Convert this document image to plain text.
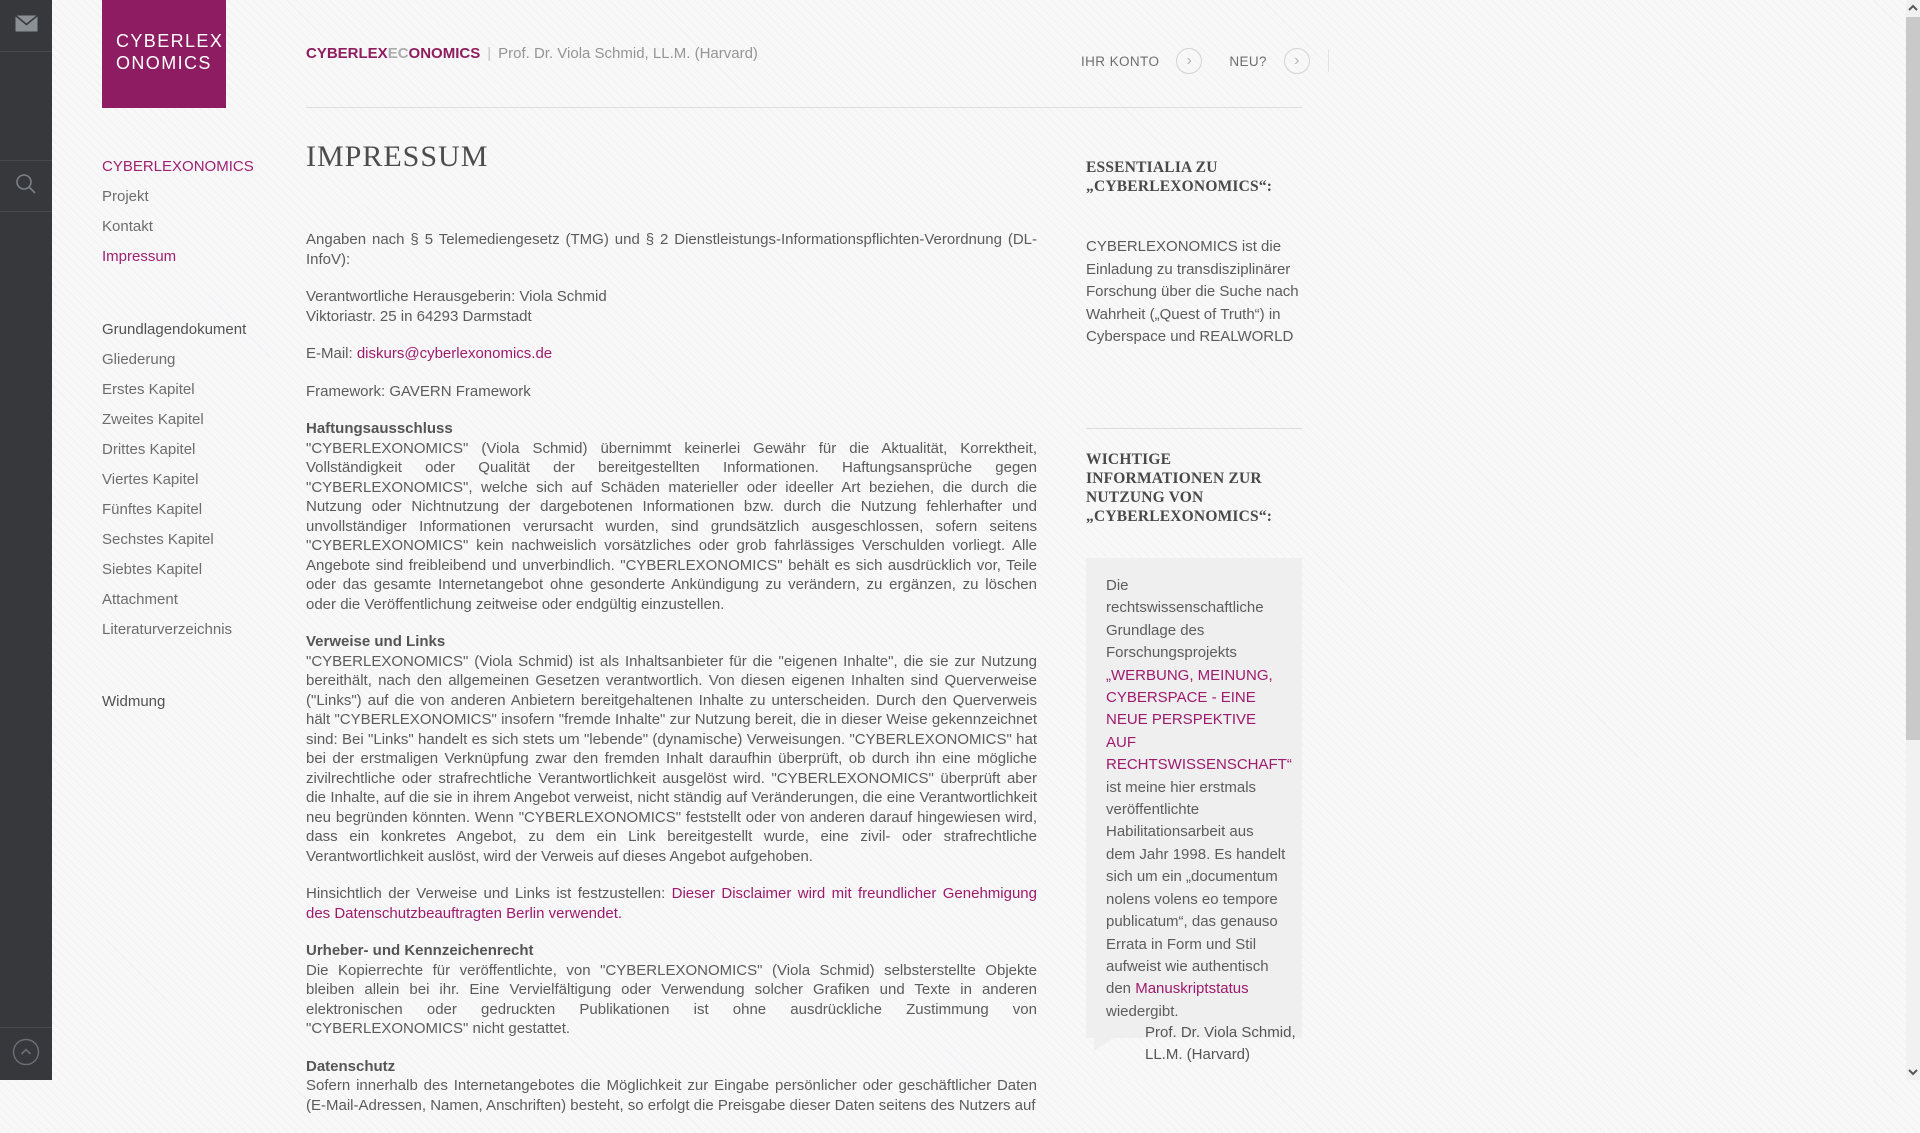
CYBERLEX
ONOMICS	CYBERLEXECONOMICS | Prof. Dr. Viola Schmid, LL.M. (Harvard)	IHR KONTO ›	NEU? ›
CYBERLEXONOMICS
Projekt
Kontakt
Impressum
Grundlagendokument
Gliederung
Erstes Kapitel
Zweites Kapitel
Drittes Kapitel
Viertes Kapitel
Fünftes Kapitel
Sechstes Kapitel
Siebtes Kapitel
Attachment
Literaturverzeichnis
Widmung
IMPRESSUM

Angaben nach § 5 Telemediengesetz (TMG) und § 2 Dienstleistungs-Informationspflichten-Verordnung (DL-InfoV):

Verantwortliche Herausgeberin: Viola Schmid
Viktoriastr. 25 in 64293 Darmstadt

E-Mail: diskurs@cyberlexonomics.de

Framework: GAVERN Framework

Haftungsausschluss

"CYBERLEXONOMICS" (Viola Schmid) übernimmt keinerlei Gewähr für die Aktualität, Korrektheit, Vollständigkeit oder Qualität der bereitgestellten Informationen. Haftungsansprüche gegen "CYBERLEXONOMICS", welche sich auf Schäden materieller oder ideeller Art beziehen, die durch die Nutzung oder Nichtnutzung der dargebotenen Informationen bzw. durch die Nutzung fehlerhafter und unvollständiger Informationen verursacht wurden, sind grundsätzlich ausgeschlossen, sofern seitens "CYBERLEXONOMICS" kein nachweislich vorsätzliches oder grob fahrlässiges Verschulden vorliegt. Alle Angebote sind freibleibend und unverbindlich. "CYBERLEXONOMICS" behält es sich ausdrücklich vor, Teile oder das gesamte Internetangebot ohne gesonderte Ankündigung zu verändern, zu ergänzen, zu löschen oder die Veröffentlichung zeitweise oder endgültig einzustellen.

Verweise und Links

"CYBERLEXONOMICS" (Viola Schmid) ist als Inhaltsanbieter für die "eigenen Inhalte", die sie zur Nutzung bereithält, nach den allgemeinen Gesetzen verantwortlich. Von diesen eigenen Inhalten sind Querverweise ("Links") auf die von anderen Anbietern bereitgehaltenen Inhalte zu unterscheiden. Durch den Querverweis hält "CYBERLEXONOMICS" insofern "fremde Inhalte" zur Nutzung bereit, die in dieser Weise gekennzeichnet sind: Bei "Links" handelt es sich stets um "lebende" (dynamische) Verweisungen. "CYBERLEXONOMICS" hat bei der erstmaligen Verknüpfung zwar den fremden Inhalt daraufhin überprüft, ob durch ihn eine mögliche zivilrechtliche oder strafrechtliche Verantwortlichkeit ausgelöst wird. "CYBERLEXONOMICS" überprüft aber die Inhalte, auf die sie in ihrem Angebot verweist, nicht ständig auf Veränderungen, die eine Verantwortlichkeit neu begründen könnten. Wenn "CYBERLEXONOMICS" feststellt oder von anderen darauf hingewiesen wird, dass ein konkretes Angebot, zu dem ein Link bereitgestellt wurde, eine zivil- oder strafrechtliche Verantwortlichkeit auslöst, wird der Verweis auf dieses Angebot aufgehoben.

Hinsichtlich der Verweise und Links ist festzustellen: Dieser Disclaimer wird mit freundlicher Genehmigung des Datenschutzbeauftragten Berlin verwendet.

Urheber- und Kennzeichenrecht

Die Kopierrechte für veröffentlichte, von "CYBERLEXONOMICS" (Viola Schmid) selbsterstellte Objekte bleiben allein bei ihr. Eine Vervielfältigung oder Verwendung solcher Grafiken und Texte in anderen elektronischen oder gedruckten Publikationen ist ohne ausdrückliche Zustimmung von "CYBERLEXONOMICS" nicht gestattet.

Datenschutz

Sofern innerhalb des Internetangebotes die Möglichkeit zur Eingabe persönlicher oder geschäftlicher Daten (E-Mail-Adressen, Namen, Anschriften) besteht, so erfolgt die Preisgabe dieser Daten seitens des Nutzers auf

ESSENTIALIA ZU „CYBERLEXONOMICS“:
CYBERLEXONOMICS ist die Einladung zu transdisziplinärer Forschung über die Suche nach Wahrheit („Quest of Truth“) in Cyberspace und REALWORLD
WICHTIGE INFORMATIONEN ZUR NUTZUNG VON „CYBERLEXONOMICS“:
Die rechtswissenschaftliche Grundlage des Forschungsprojekts „WERBUNG, MEINUNG, CYBERSPACE - EINE NEUE PERSPEKTIVE AUF RECHTSWISSENSCHAFT“ ist meine hier erstmals veröffentlichte Habilitationsarbeit aus dem Jahr 1998. Es handelt sich um ein „documentum nolens volens eo tempore publicatum“, das genauso Errata in Form und Stil aufweist wie authentisch den Manuskriptstatus wiedergibt.
Prof. Dr. Viola Schmid,
LL.M. (Harvard)
